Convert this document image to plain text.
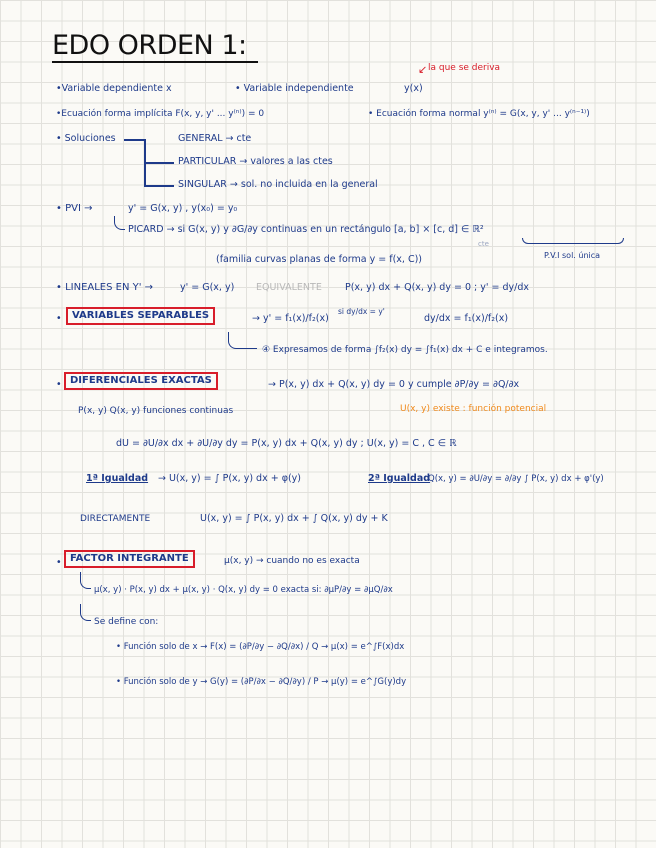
EDO ORDEN 1:
la que se deriva
↙
•Variable dependiente x	• Variable independiente	y(x)
•Ecuación forma implícita F(x, y, y' ... y⁽ⁿ⁾) = 0	• Ecuación forma normal y⁽ⁿ⁾ = G(x, y, y' ... y⁽ⁿ⁻¹⁾)
• Soluciones	GENERAL → cte
PARTICULAR → valores a las ctes
SINGULAR → sol. no incluida en la general
• PVI →	y' = G(x, y) , y(x₀) = y₀
PICARD → si G(x, y) y ∂G/∂y continuas en un rectángulo [a, b] × [c, d] ∈ ℝ²
cte
(familia curvas planas de forma y = f(x, C))	P.V.I sol. única
• LINEALES EN Y' →	y' = G(x, y) EQUIVALENTE P(x, y) dx + Q(x, y) dy = 0 ; y' = dy/dx
•	VARIABLES SEPARABLES	→ y' = f₁(x)/f₂(x)
si dy/dx = y'
dy/dx = f₁(x)/f₂(x)
④ Expresamos de forma ∫f₂(x) dy = ∫f₁(x) dx + C e integramos.
• DIFERENCIALES EXACTAS	→ P(x, y) dx + Q(x, y) dy = 0 y cumple ∂P/∂y = ∂Q/∂x
P(x, y) Q(x, y) funciones continuas	U(x, y) existe : función potencial
dU = ∂U/∂x dx + ∂U/∂y dy = P(x, y) dx + Q(x, y) dy ; U(x, y) = C , C ∈ ℝ
1ª Igualdad → U(x, y) = ∫ P(x, y) dx + φ(y)	2ª Igualdad
Q(x, y) = ∂U/∂y = ∂/∂y ∫ P(x, y) dx + φ'(y)
DIRECTAMENTE	U(x, y) = ∫ P(x, y) dx + ∫ Q(x, y) dy + K
• FACTOR INTEGRANTE	μ(x, y) → cuando no es exacta
μ(x, y) · P(x, y) dx + μ(x, y) · Q(x, y) dy = 0 exacta si: ∂μP/∂y = ∂μQ/∂x
Se define con:
• Función solo de x → F(x) = (∂P/∂y − ∂Q/∂x) / Q → μ(x) = e^∫F(x)dx
• Función solo de y → G(y) = (∂P/∂x − ∂Q/∂y) / P → μ(y) = e^∫G(y)dy
